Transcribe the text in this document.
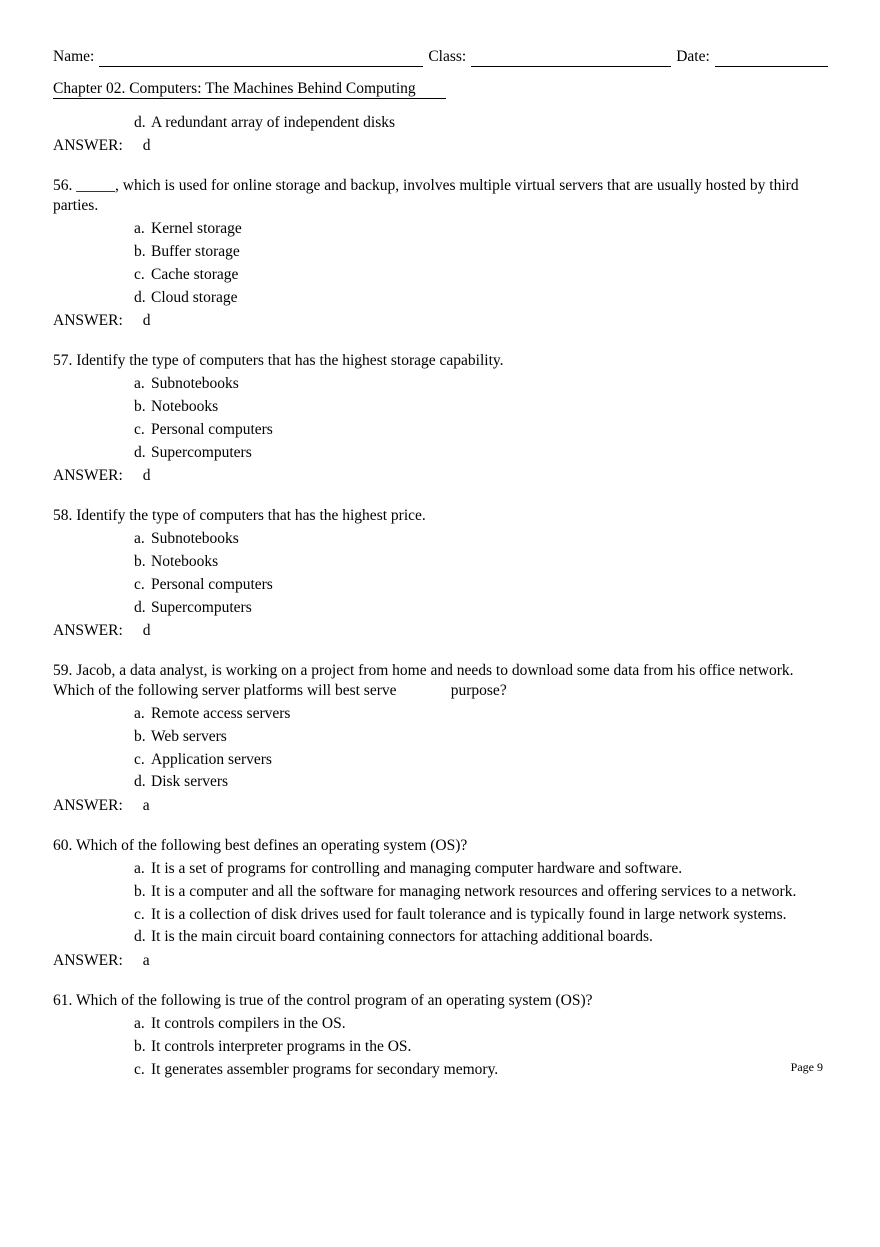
Name:	Class:	Date:
Chapter 02. Computers: The Machines Behind Computing
d. A redundant array of independent disks
ANSWER: d

56. _____, which is used for online storage and backup, involves multiple virtual servers that are usually hosted by third parties.

a. Kernel storage
b. Buffer storage
c. Cache storage
d. Cloud storage
ANSWER: d

57. Identify the type of computers that has the highest storage capability.

a. Subnotebooks
b. Notebooks
c. Personal computers
d. Supercomputers
ANSWER: d

58. Identify the type of computers that has the highest price.

a. Subnotebooks
b. Notebooks
c. Personal computers
d. Supercomputers
ANSWER: d

59. Jacob, a data analyst, is working on a project from home and needs to download some data from his office network. Which of the following server platforms will best serve              purpose?

a. Remote access servers
b. Web servers
c. Application servers
d. Disk servers
ANSWER: a

60. Which of the following best defines an operating system (OS)?

a. It is a set of programs for controlling and managing computer hardware and software.
b. It is a computer and all the software for managing network resources and offering services to a network.
c. It is a collection of disk drives used for fault tolerance and is typically found in large network systems.
d. It is the main circuit board containing connectors for attaching additional boards.
ANSWER: a

61. Which of the following is true of the control program of an operating system (OS)?

a. It controls compilers in the OS.
b. It controls interpreter programs in the OS.
c. It generates assembler programs for secondary memory.	Page 9
